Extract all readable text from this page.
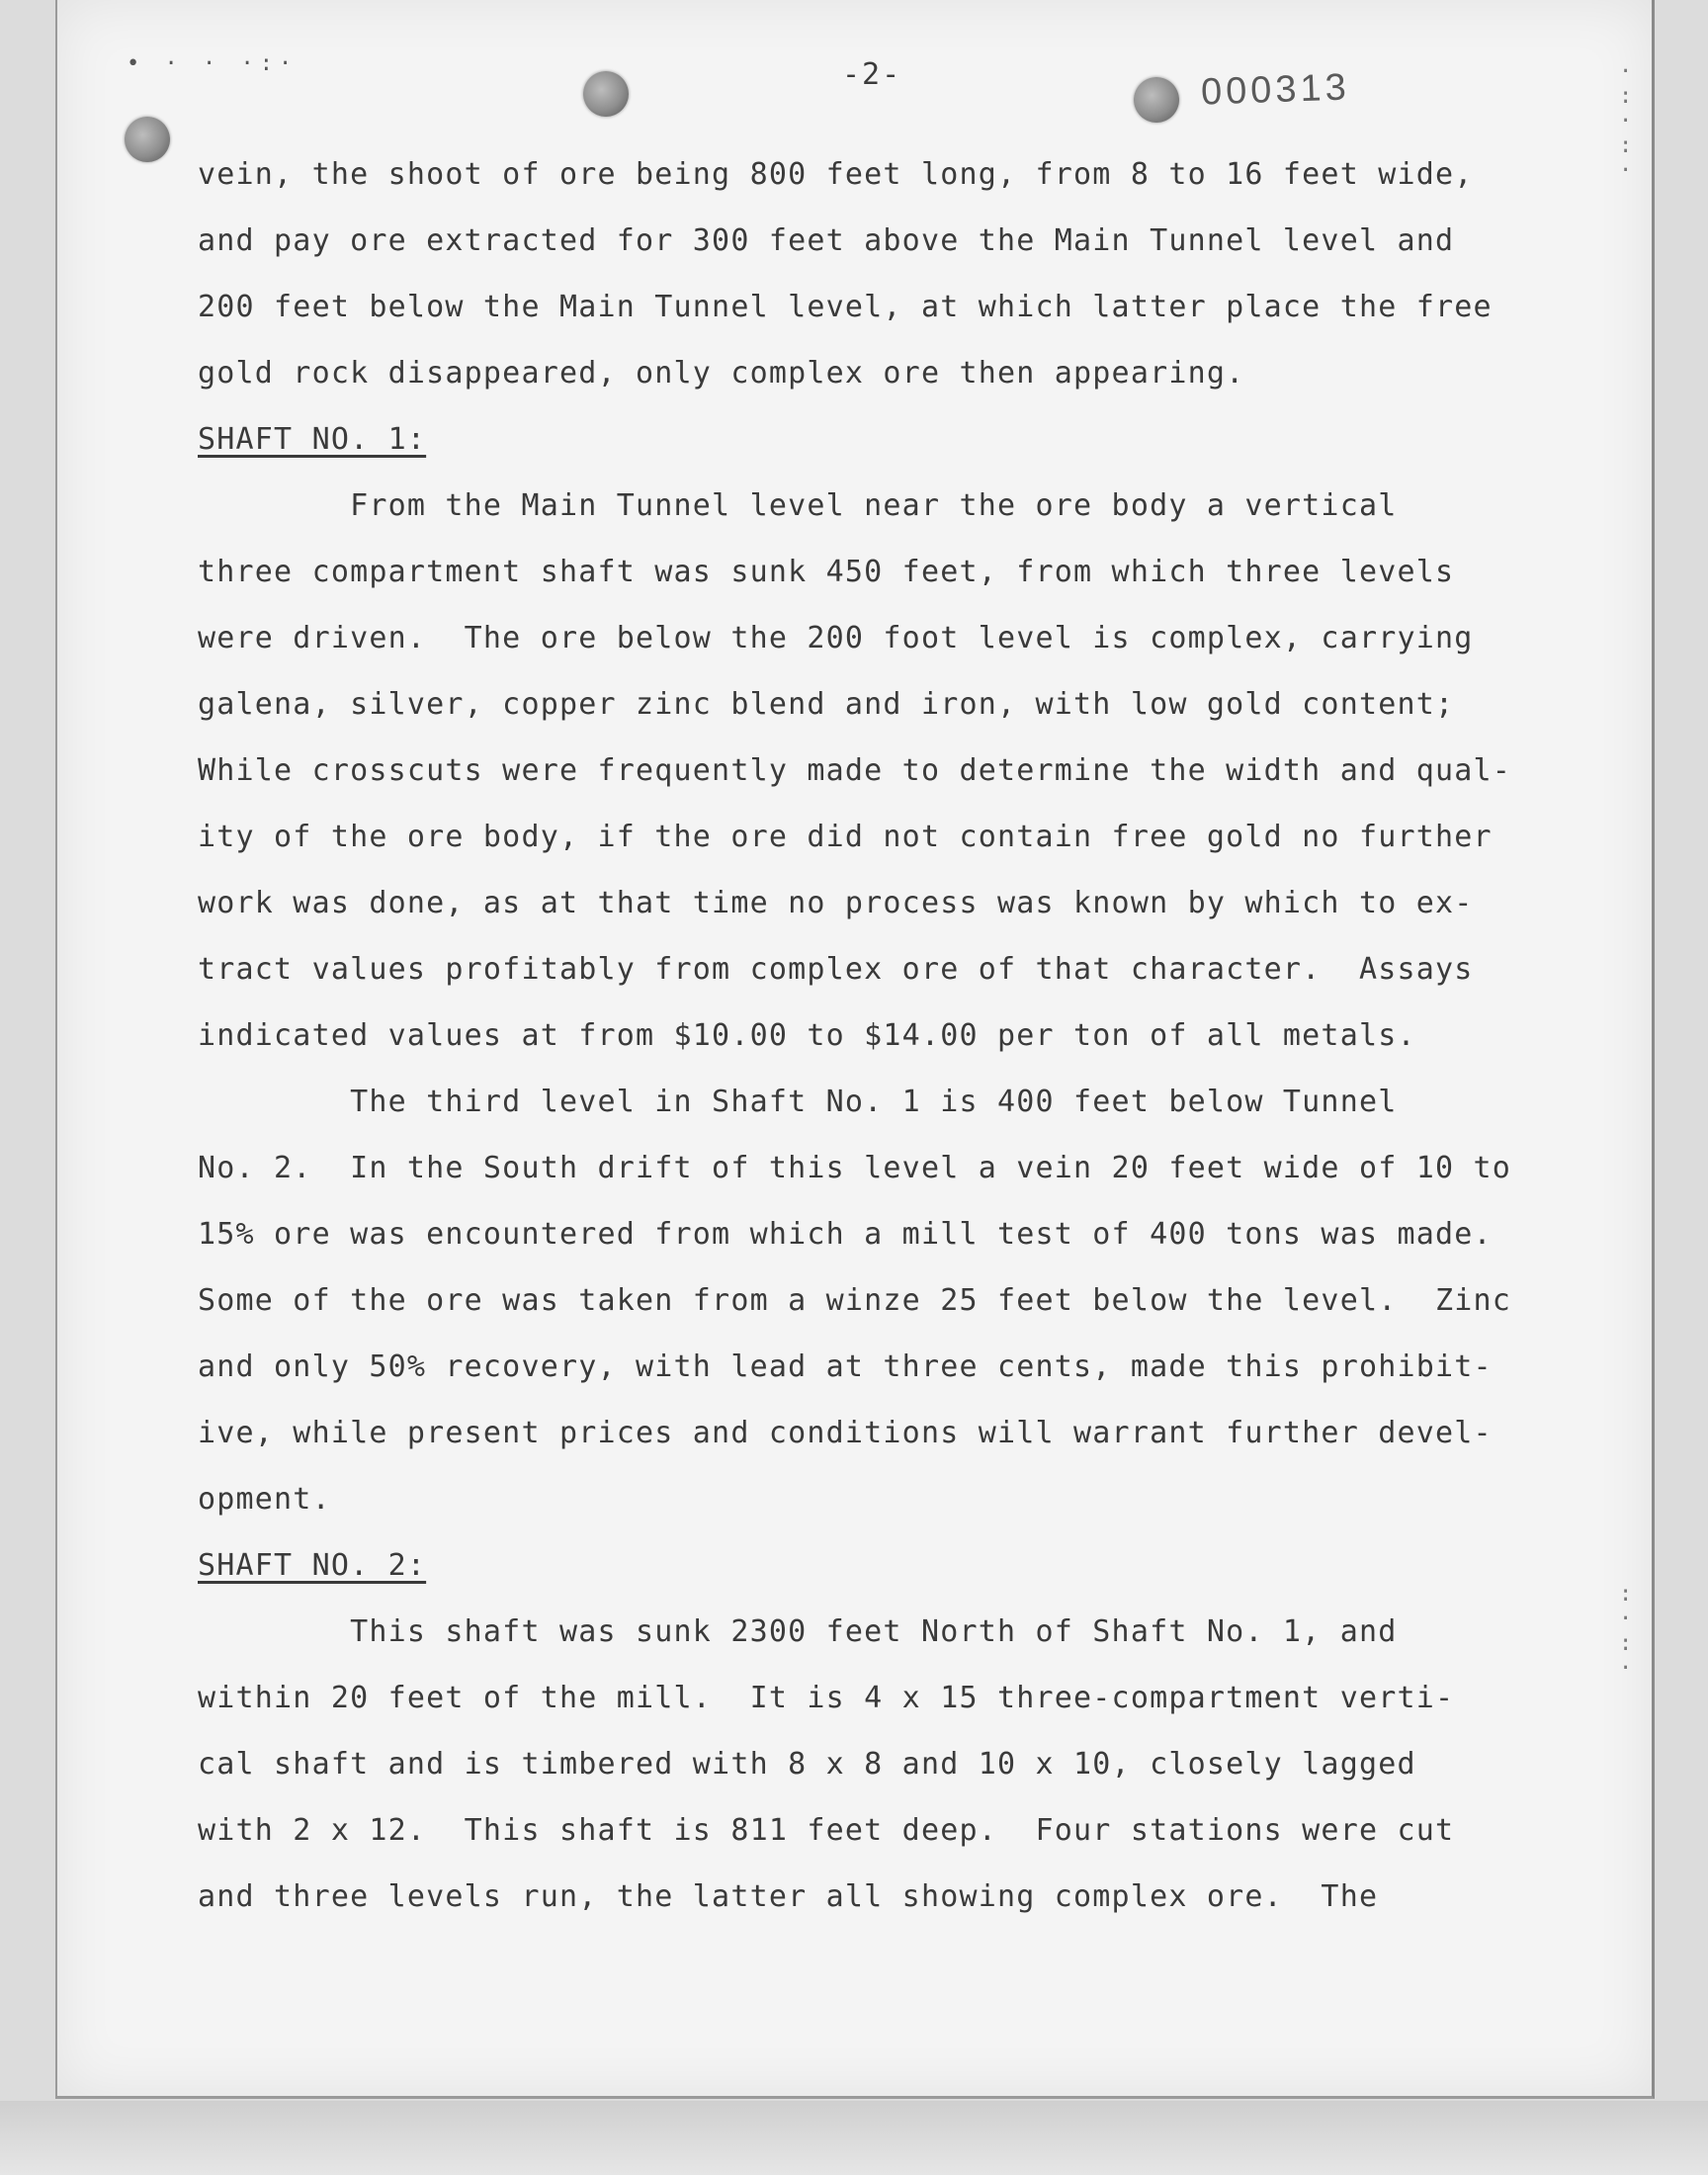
• · · ·:·	-2-	000313	·
:
·
:
·
:
·
:
·
vein, the shoot of ore being 800 feet long, from 8 to 16 feet wide,
and pay ore extracted for 300 feet above the Main Tunnel level and
200 feet below the Main Tunnel level, at which latter place the free
gold rock disappeared, only complex ore then appearing.
SHAFT NO. 1:
From the Main Tunnel level near the ore body a vertical
three compartment shaft was sunk 450 feet, from which three levels
were driven.  The ore below the 200 foot level is complex, carrying
galena, silver, copper zinc blend and iron, with low gold content;
While crosscuts were frequently made to determine the width and qual-
ity of the ore body, if the ore did not contain free gold no further
work was done, as at that time no process was known by which to ex-
tract values profitably from complex ore of that character.  Assays
indicated values at from $10.00 to $14.00 per ton of all metals.
The third level in Shaft No. 1 is 400 feet below Tunnel
No. 2.  In the South drift of this level a vein 20 feet wide of 10 to
15% ore was encountered from which a mill test of 400 tons was made.
Some of the ore was taken from a winze 25 feet below the level.  Zinc
and only 50% recovery, with lead at three cents, made this prohibit-
ive, while present prices and conditions will warrant further devel-
opment.
SHAFT NO. 2:
This shaft was sunk 2300 feet North of Shaft No. 1, and
within 20 feet of the mill.  It is 4 x 15 three-compartment verti-
cal shaft and is timbered with 8 x 8 and 10 x 10, closely lagged
with 2 x 12.  This shaft is 811 feet deep.  Four stations were cut
and three levels run, the latter all showing complex ore.  The
